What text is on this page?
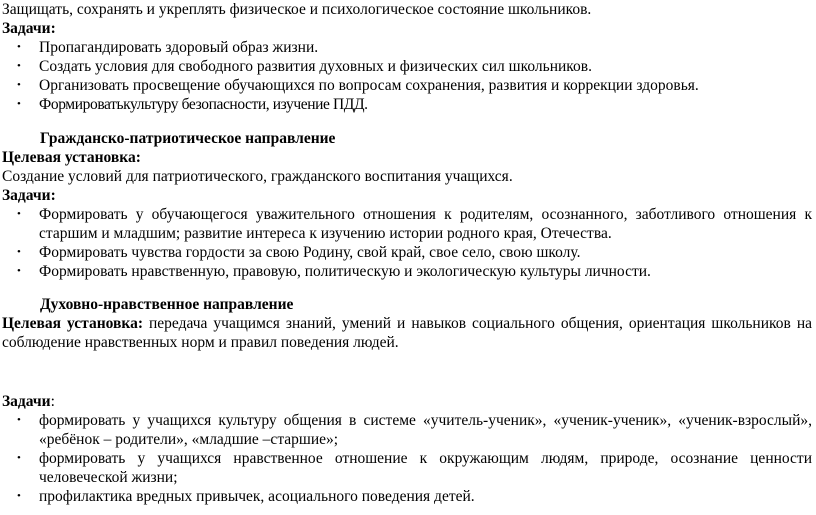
Защищать, сохранять и укреплять физическое и психологическое состояние школьников.

Задачи:

• Пропагандировать здоровый образ жизни.
• Создать условия для свободного развития духовных и физических сил школьников.
• Организовать просвещение обучающихся по вопросам сохранения, развития и коррекции здоровья.
• Формироватькультуру безопасности, изучение ПДД.

Гражданско-патриотическое направление

Целевая установка:

Создание условий для патриотического, гражданского воспитания учащихся.

Задачи:

• Формировать у обучающегося уважительного отношения к родителям, осознанного, заботливого отношения к старшим и младшим; развитие интереса к изучению истории родного края, Отечества.
• Формировать чувства гордости за свою Родину, свой край, свое село, свою школу.
• Формировать нравственную, правовую, политическую и экологическую культуры личности.

Духовно-нравственное направление

Целевая установка: передача учащимся знаний, умений и навыков социального общения, ориентация школьников на соблюдение нравственных норм и правил поведения людей.

Задачи:

• формировать у учащихся культуру общения в системе «учитель-ученик», «ученик-ученик», «ученик-взрослый», «ребёнок – родители», «младшие –старшие»;
• формировать у учащихся нравственное отношение к окружающим людям, природе, осознание ценности человеческой жизни;
• профилактика вредных привычек, асоциального поведения детей.
